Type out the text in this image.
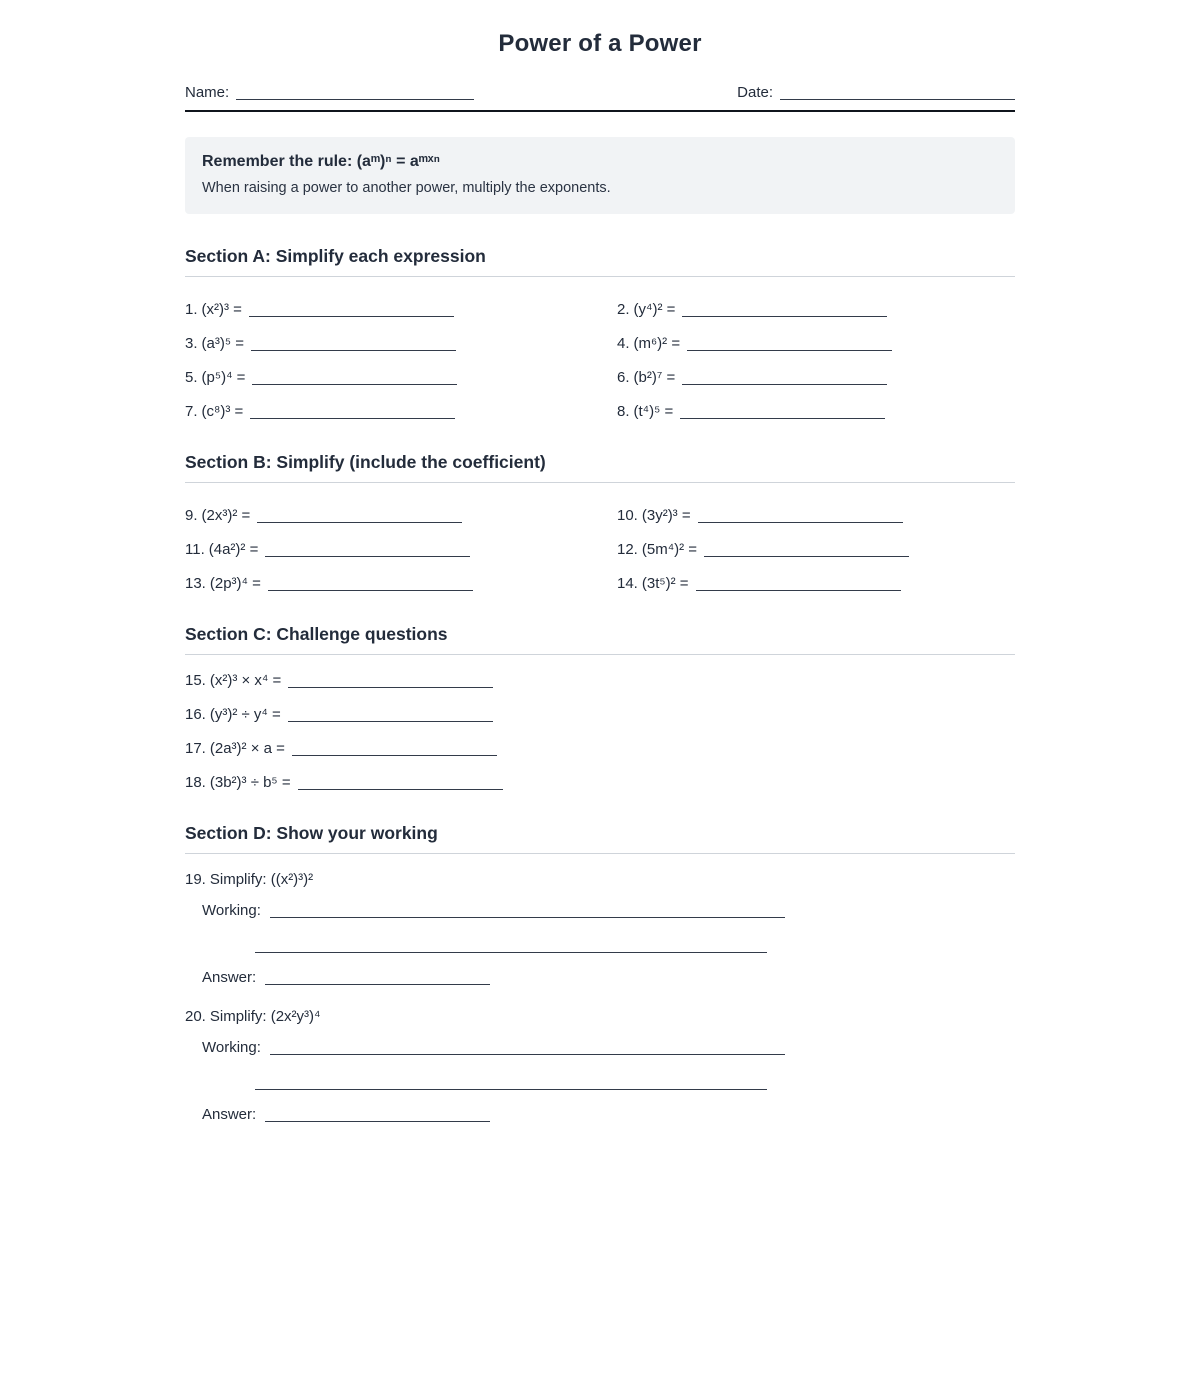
Power of a Power
Name:	Date:
Remember the rule: (aᵐ)ⁿ = aᵐˣⁿ
When raising a power to another power, multiply the exponents.
Section A: Simplify each expression
1. (x²)³ =	2. (y⁴)² =
3. (a³)⁵ =	4. (m⁶)² =
5. (p⁵)⁴ =	6. (b²)⁷ =
7. (c⁸)³ =	8. (t⁴)⁵ =
Section B: Simplify (include the coefficient)
9. (2x³)² =	10. (3y²)³ =
11. (4a²)² =	12. (5m⁴)² =
13. (2p³)⁴ =	14. (3t⁵)² =
Section C: Challenge questions
15. (x²)³ × x⁴ =
16. (y³)² ÷ y⁴ =
17. (2a³)² × a =
18. (3b²)³ ÷ b⁵ =
Section D: Show your working
19. Simplify: ((x²)³)²
Working:
Answer:
20. Simplify: (2x²y³)⁴
Working:
Answer:
